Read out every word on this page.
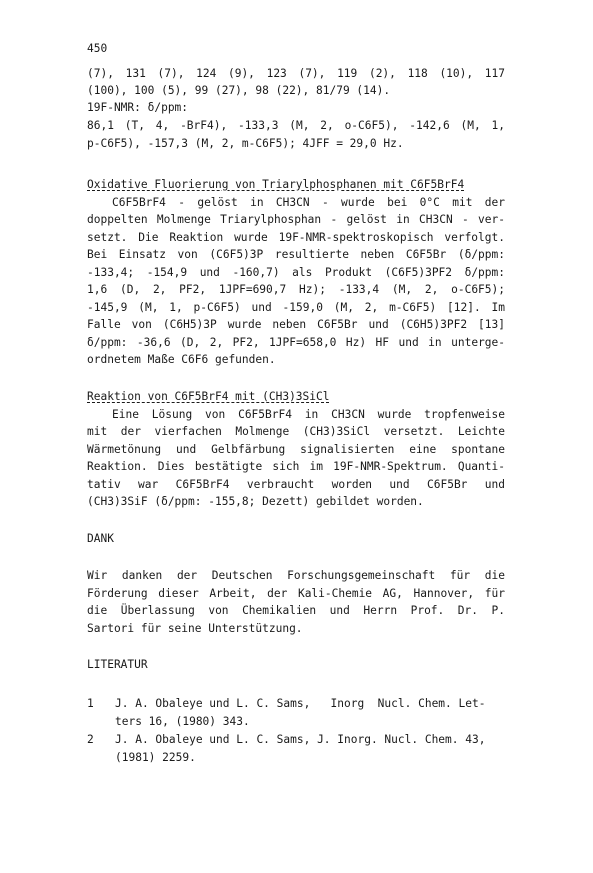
450
(7), 131 (7), 124 (9), 123 (7), 119 (2), 118 (10), 117
(100), 100 (5), 99 (27), 98 (22), 81/79 (14).
19F-NMR: δ/ppm:
86,1 (T, 4, -BrF4), -133,3 (M, 2, o-C6F5), -142,6 (M, 1,
p-C6F5), -157,3 (M, 2, m-C6F5); 4JFF = 29,0 Hz.
Oxidative Fluorierung von Triarylphosphanen mit C6F5BrF4
C6F5BrF4 - gelöst in CH3CN - wurde bei 0°C mit der
doppelten Molmenge Triarylphosphan - gelöst in CH3CN - ver-
setzt. Die Reaktion wurde 19F-NMR-spektroskopisch verfolgt.
Bei Einsatz von (C6F5)3P resultierte neben C6F5Br (δ/ppm:
-133,4; -154,9 und -160,7) als Produkt (C6F5)3PF2 δ/ppm:
1,6 (D, 2, PF2, 1JPF=690,7 Hz); -133,4 (M, 2, o-C6F5);
-145,9 (M, 1, p-C6F5) und -159,0 (M, 2, m-C6F5) [12]. Im
Falle von (C6H5)3P wurde neben C6F5Br und (C6H5)3PF2 [13]
δ/ppm: -36,6 (D, 2, PF2, 1JPF=658,0 Hz) HF und in unterge-
ordnetem Maße C6F6 gefunden.
Reaktion von C6F5BrF4 mit (CH3)3SiCl
Eine Lösung von C6F5BrF4 in CH3CN wurde tropfenweise
mit der vierfachen Molmenge (CH3)3SiCl versetzt. Leichte
Wärmetönung und Gelbfärbung signalisierten eine spontane
Reaktion. Dies bestätigte sich im 19F-NMR-Spektrum. Quanti-
tativ war C6F5BrF4 verbraucht worden und C6F5Br und
(CH3)3SiF (δ/ppm: -155,8; Dezett) gebildet worden.
DANK
Wir danken der Deutschen Forschungsgemeinschaft für die
Förderung dieser Arbeit, der Kali-Chemie AG, Hannover, für
die Überlassung von Chemikalien und Herrn Prof. Dr. P.
Sartori für seine Unterstützung.
LITERATUR
1 J. A. Obaleye und L. C. Sams,   Inorg  Nucl. Chem. Let-
ters 16, (1980) 343.
2 J. A. Obaleye und L. C. Sams, J. Inorg. Nucl. Chem. 43,
(1981) 2259.
